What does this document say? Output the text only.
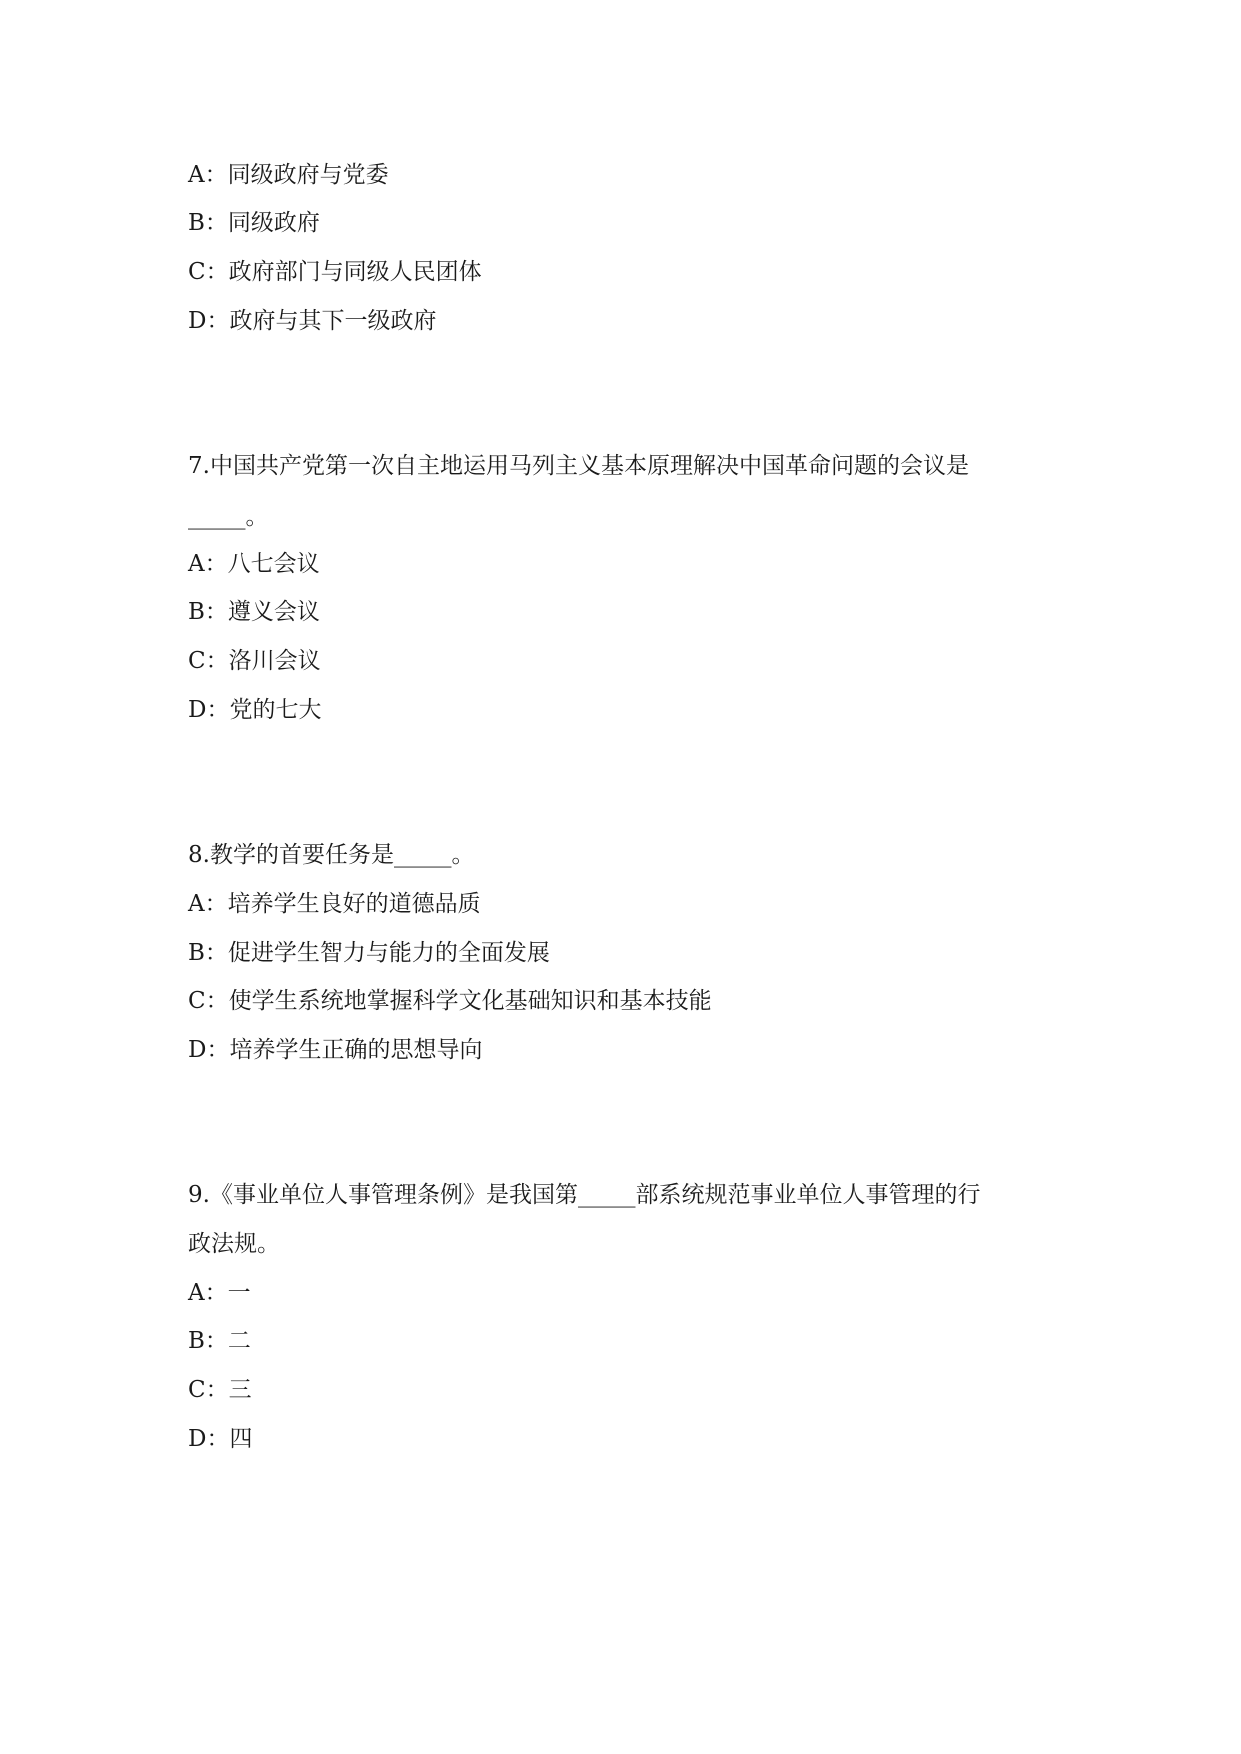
A：同级政府与党委
B：同级政府
C：政府部门与同级人民团体
D：政府与其下一级政府
7.中国共产党第一次自主地运用马列主义基本原理解决中国革命问题的会议是
_____。
A：八七会议
B：遵义会议
C：洛川会议
D：党的七大
8.教学的首要任务是_____。
A：培养学生良好的道德品质
B：促进学生智力与能力的全面发展
C：使学生系统地掌握科学文化基础知识和基本技能
D：培养学生正确的思想导向
9.《事业单位人事管理条例》是我国第_____部系统规范事业单位人事管理的行
政法规。
A：一
B：二
C：三
D：四
